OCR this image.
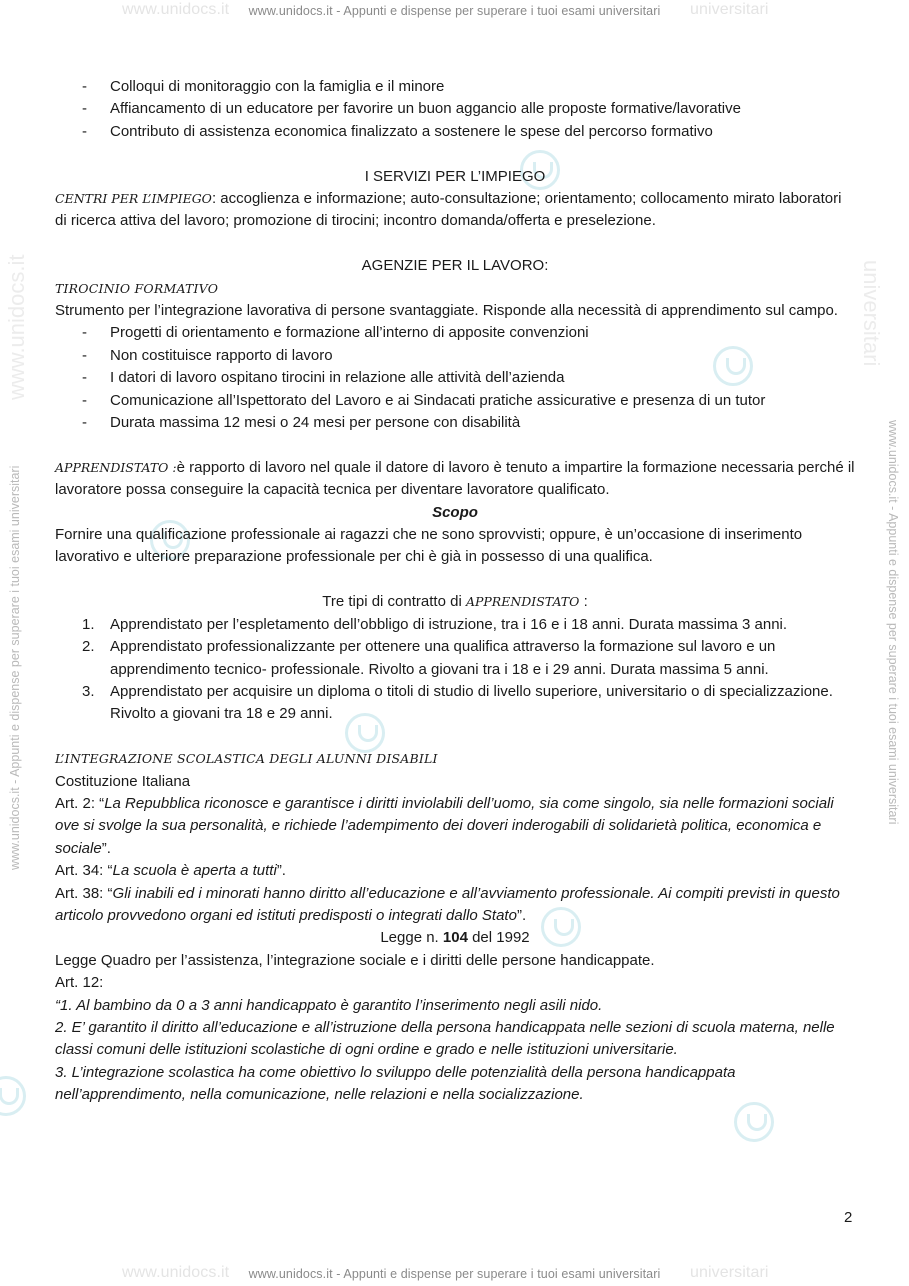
www.unidocs.it www.unidocs.it - Appunti e dispense per superare i tuoi esami universitari universitari
www.unidocs.it - Appunti e dispense per superare i tuoi esami universitari
www.unidocs.it
www.unidocs.it - Appunti e dispense per superare i tuoi esami universitari
universitari
- Colloqui di monitoraggio con la famiglia e il minore
- Affiancamento di un educatore per favorire un buon aggancio alle proposte formative/lavorative
- Contributo di assistenza economica finalizzato a sostenere le spese del percorso formativo

I SERVIZI PER L’IMPIEGO

CENTRI PER L’IMPIEGO: accoglienza e informazione; auto-consultazione; orientamento; collocamento mirato laboratori di ricerca attiva del lavoro; promozione di tirocini; incontro domanda/offerta e preselezione.

AGENZIE PER IL LAVORO:

TIROCINIO FORMATIVO

Strumento per l’integrazione lavorativa di persone svantaggiate. Risponde alla necessità di apprendimento sul campo.

- Progetti di orientamento e formazione all’interno di apposite convenzioni
- Non costituisce rapporto di lavoro
- I datori di lavoro ospitano tirocini in relazione alle attività dell’azienda
- Comunicazione all’Ispettorato del Lavoro e ai Sindacati pratiche assicurative e presenza di un tutor
- Durata massima 12 mesi o 24 mesi per persone con disabilità

APPRENDISTATO :è rapporto di lavoro nel quale il datore di lavoro è tenuto a impartire la formazione necessaria perché il lavoratore possa conseguire la capacità tecnica per diventare lavoratore qualificato.

Scopo

Fornire una qualificazione professionale ai ragazzi che ne sono sprovvisti; oppure, è un’occasione di inserimento lavorativo e ulteriore preparazione professionale per chi è già in possesso di una qualifica.

Tre tipi di contratto di APPRENDISTATO :

1. Apprendistato per l’espletamento dell’obbligo di istruzione, tra i 16 e i 18 anni. Durata massima 3 anni.
2. Apprendistato professionalizzante per ottenere una qualifica attraverso la formazione sul lavoro e un apprendimento tecnico- professionale. Rivolto a giovani tra i 18 e i 29 anni. Durata massima 5 anni.
3. Apprendistato per acquisire un diploma o titoli di studio di livello superiore, universitario o di specializzazione. Rivolto a giovani tra 18 e 29 anni.

L’INTEGRAZIONE SCOLASTICA DEGLI ALUNNI DISABILI

Costituzione Italiana

Art. 2: “La Repubblica riconosce e garantisce i diritti inviolabili dell’uomo, sia come singolo, sia nelle formazioni sociali ove si svolge la sua personalità, e richiede l’adempimento dei doveri inderogabili di solidarietà politica, economica e sociale”.

Art. 34: “La scuola è aperta a tutti”.

Art. 38: “Gli inabili ed i minorati hanno diritto all’educazione e all’avviamento professionale. Ai compiti previsti in questo articolo provvedono organi ed istituti predisposti o integrati dallo Stato”.

Legge n. 104 del 1992

Legge Quadro per l’assistenza, l’integrazione sociale e i diritti delle persone handicappate.

Art. 12:

“1. Al bambino da 0 a 3 anni handicappato è garantito l’inserimento negli asili nido.

2. E’ garantito il diritto all’educazione e all’istruzione della persona handicappata nelle sezioni di scuola materna, nelle classi comuni delle istituzioni scolastiche di ogni ordine e grado e nelle istituzioni universitarie.

3. L’integrazione scolastica ha come obiettivo lo sviluppo delle potenzialità della persona handicappata nell’apprendimento, nella comunicazione, nelle relazioni e nella socializzazione.

2
www.unidocs.it www.unidocs.it - Appunti e dispense per superare i tuoi esami universitari universitari
